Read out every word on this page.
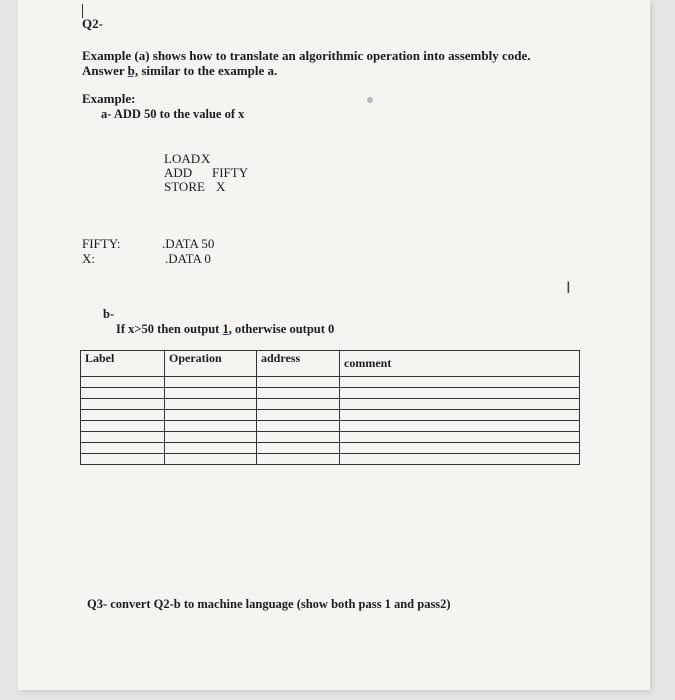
Q2-
Example (a) shows how to translate an algorithmic operation into assembly code.
Answer b, similar to the example a.
Example:
a- ADD 50 to the value of x
LOADX
ADD FIFTY
STORE X
FIFTY:	.DATA 50
X:	.DATA 0
Ι
b-
If x>50 then output 1, otherwise output 0
Label	Operation	address	comment

Q3- convert Q2-b to machine language (show both pass 1 and pass2)
